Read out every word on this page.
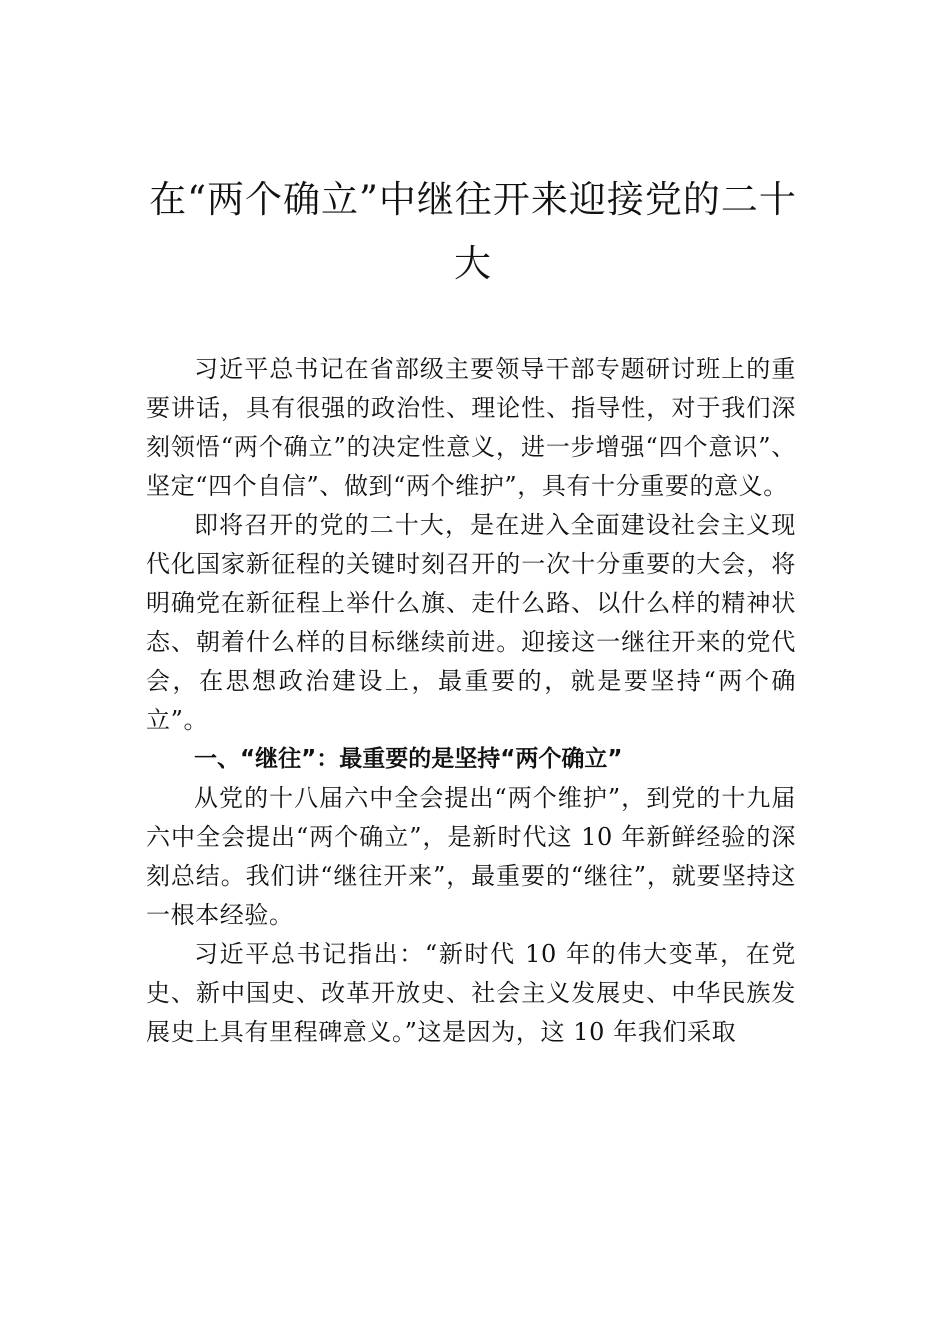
在“两个确立”中继往开来迎接党的二十大

习近平总书记在省部级主要领导干部专题研讨班上的重要讲话，具有很强的政治性、理论性、指导性，对于我们深刻领悟“两个确立”的决定性意义，进一步增强“四个意识”、坚定“四个自信”、做到“两个维护”，具有十分重要的意义。

即将召开的党的二十大，是在进入全面建设社会主义现代化国家新征程的关键时刻召开的一次十分重要的大会，将明确党在新征程上举什么旗、走什么路、以什么样的精神状态、朝着什么样的目标继续前进。迎接这一继往开来的党代会，在思想政治建设上，最重要的，就是要坚持“两个确立”。

一、“继往”：最重要的是坚持“两个确立”

从党的十八届六中全会提出“两个维护”，到党的十九届六中全会提出“两个确立”，是新时代这 10 年新鲜经验的深刻总结。我们讲“继往开来”，最重要的“继往”，就要坚持这一根本经验。

习近平总书记指出：“新时代 10 年的伟大变革，在党史、新中国史、改革开放史、社会主义发展史、中华民族发展史上具有里程碑意义。”这是因为，这 10 年我们采取
